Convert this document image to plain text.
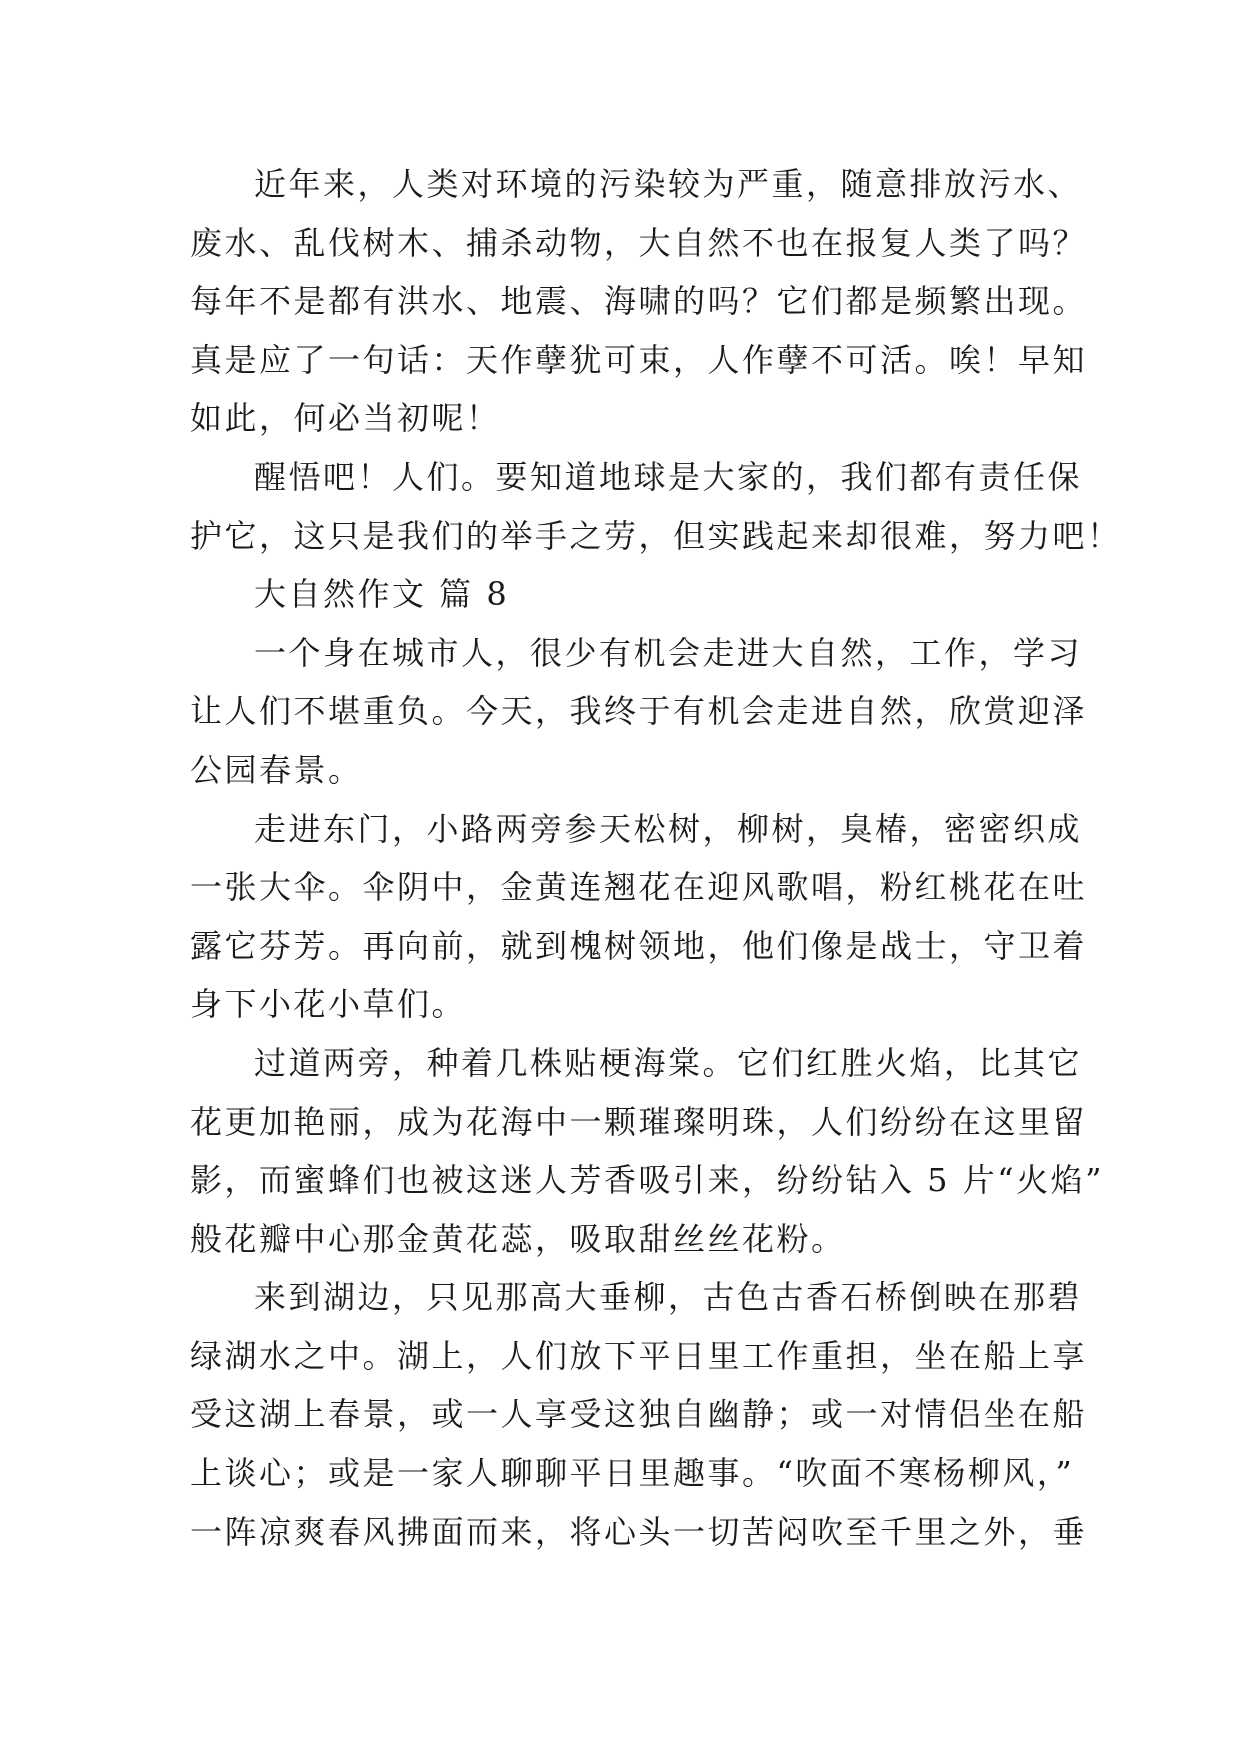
近年来，人类对环境的污染较为严重，随意排放污水、
废水、乱伐树木、捕杀动物，大自然不也在报复人类了吗？
每年不是都有洪水、地震、海啸的吗？它们都是频繁出现。
真是应了一句话：天作孽犹可束，人作孽不可活。唉！早知
如此，何必当初呢！
醒悟吧！人们。要知道地球是大家的，我们都有责任保
护它，这只是我们的举手之劳，但实践起来却很难，努力吧！
大自然作文 篇 8
一个身在城市人，很少有机会走进大自然，工作，学习
让人们不堪重负。今天，我终于有机会走进自然，欣赏迎泽
公园春景。
走进东门，小路两旁参天松树，柳树，臭椿，密密织成
一张大伞。伞阴中，金黄连翘花在迎风歌唱，粉红桃花在吐
露它芬芳。再向前，就到槐树领地，他们像是战士，守卫着
身下小花小草们。
过道两旁，种着几株贴梗海棠。它们红胜火焰，比其它
花更加艳丽，成为花海中一颗璀璨明珠，人们纷纷在这里留
影，而蜜蜂们也被这迷人芳香吸引来，纷纷钻入 5 片“火焰”
般花瓣中心那金黄花蕊，吸取甜丝丝花粉。
来到湖边，只见那高大垂柳，古色古香石桥倒映在那碧
绿湖水之中。湖上，人们放下平日里工作重担，坐在船上享
受这湖上春景，或一人享受这独自幽静；或一对情侣坐在船
上谈心；或是一家人聊聊平日里趣事。“吹面不寒杨柳风，”
一阵凉爽春风拂面而来，将心头一切苦闷吹至千里之外，垂
